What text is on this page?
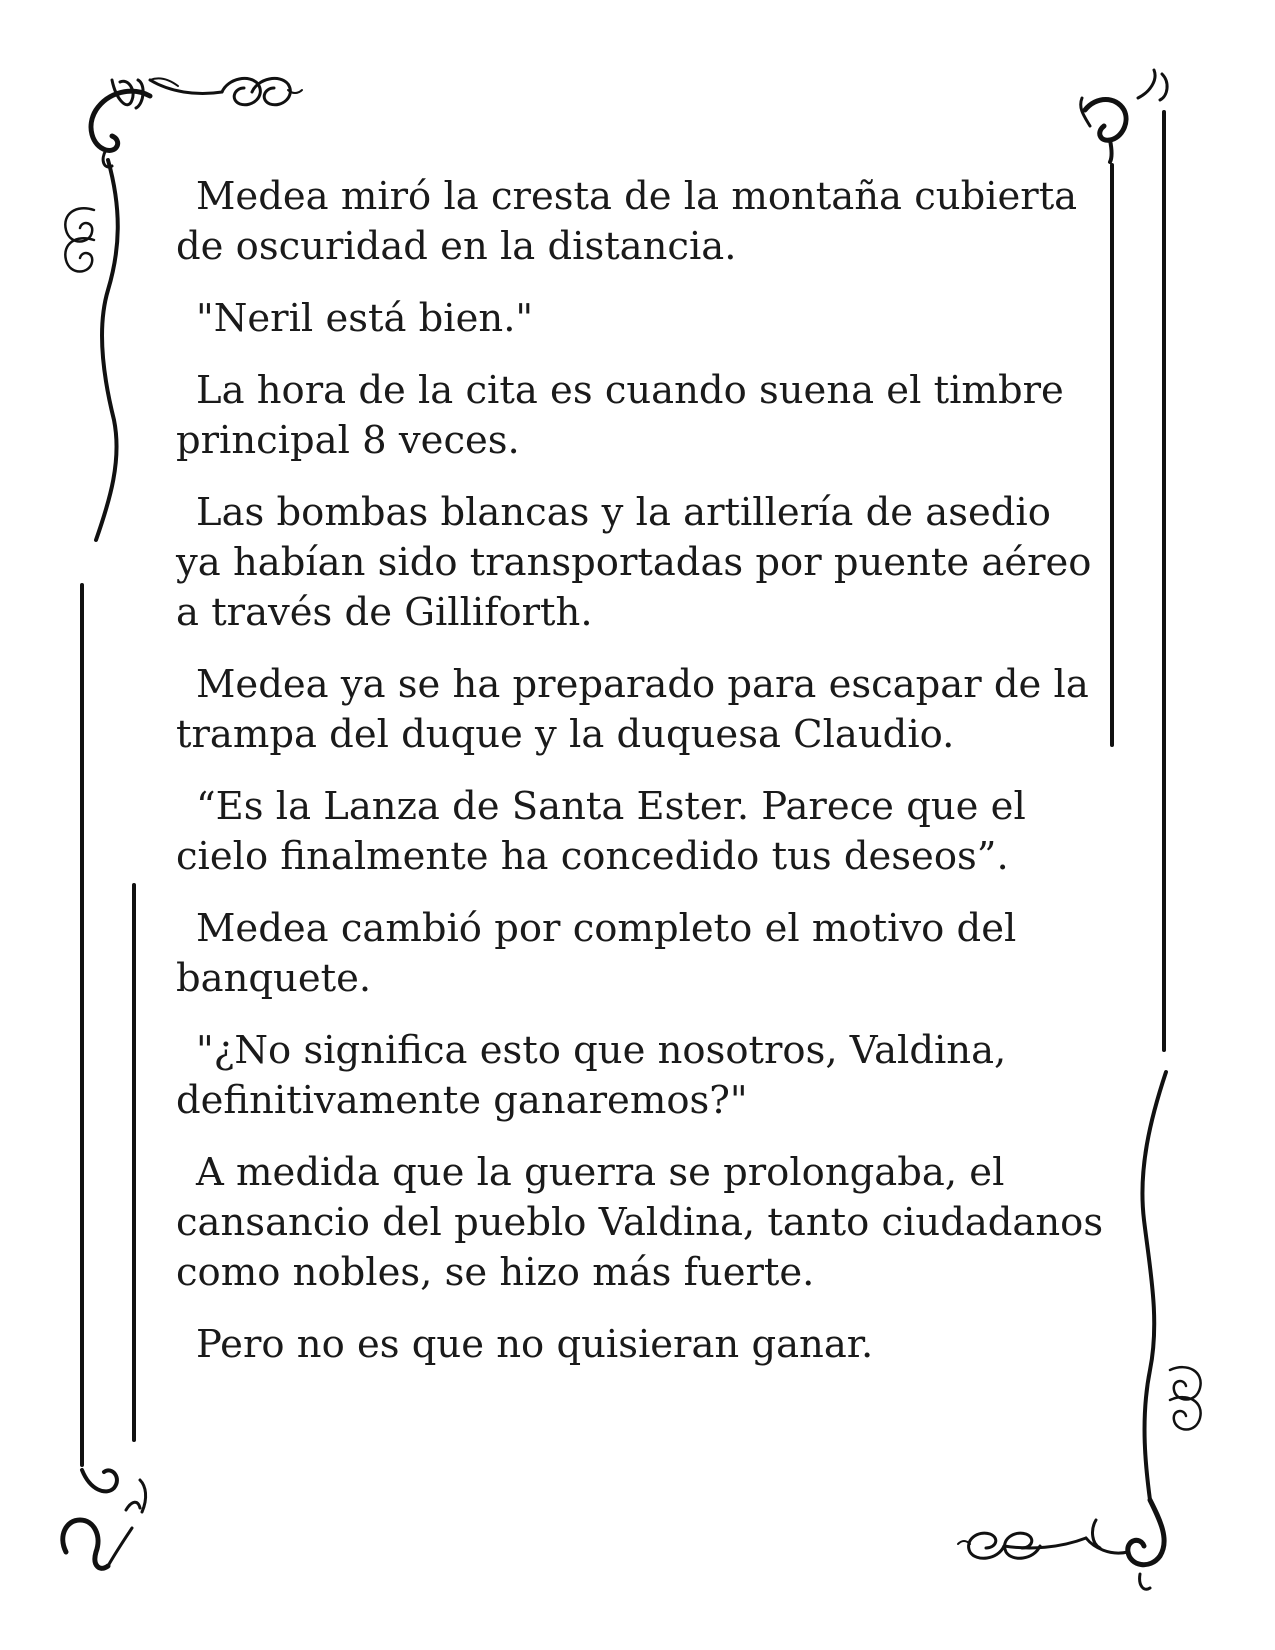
Medea miró la cresta de la montaña cubierta de oscuridad en la distancia.

"Neril está bien."

La hora de la cita es cuando suena el timbre principal 8 veces.

Las bombas blancas y la artillería de asedio ya habían sido transportadas por puente aéreo a través de Gilliforth.

Medea ya se ha preparado para escapar de la trampa del duque y la duquesa Claudio.

“Es la Lanza de Santa Ester. Parece que el cielo finalmente ha concedido tus deseos”.

Medea cambió por completo el motivo del banquete.

"¿No significa esto que nosotros, Valdina, definitivamente ganaremos?"

A medida que la guerra se prolongaba, el cansancio del pueblo Valdina, tanto ciudadanos como nobles, se hizo más fuerte.

Pero no es que no quisieran ganar.
